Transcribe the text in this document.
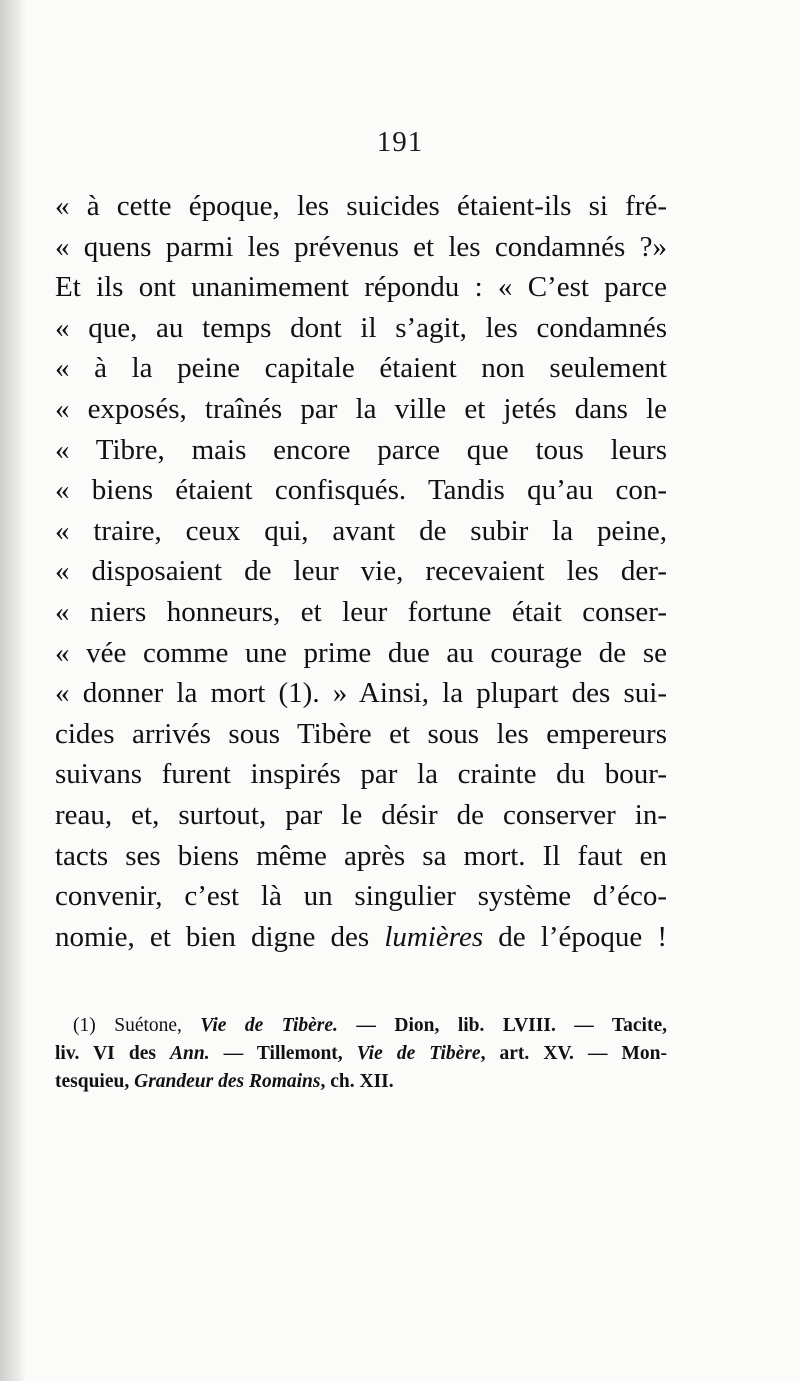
191
« à cette époque, les suicides étaient-ils si fré-
« quens parmi les prévenus et les condamnés ?»
Et ils ont unanimement répondu : « C’est parce
« que, au temps dont il s’agit, les condamnés
« à la peine capitale étaient non seulement
« exposés, traînés par la ville et jetés dans le
« Tibre, mais encore parce que tous leurs
« biens étaient confisqués. Tandis qu’au con-
« traire, ceux qui, avant de subir la peine,
« disposaient de leur vie, recevaient les der-
« niers honneurs, et leur fortune était conser-
« vée comme une prime due au courage de se
« donner la mort (1). » Ainsi, la plupart des sui-
cides arrivés sous Tibère et sous les empereurs
suivans furent inspirés par la crainte du bour-
reau, et, surtout, par le désir de conserver in-
tacts ses biens même après sa mort. Il faut en
convenir, c’est là un singulier système d’éco-
nomie, et bien digne des lumières de l’époque !
(1) Suétone, Vie de Tibère. — Dion, lib. LVIII. — Tacite,
liv. VI des Ann. — Tillemont, Vie de Tibère, art. XV. — Mon-
tesquieu, Grandeur des Romains, ch. XII.
